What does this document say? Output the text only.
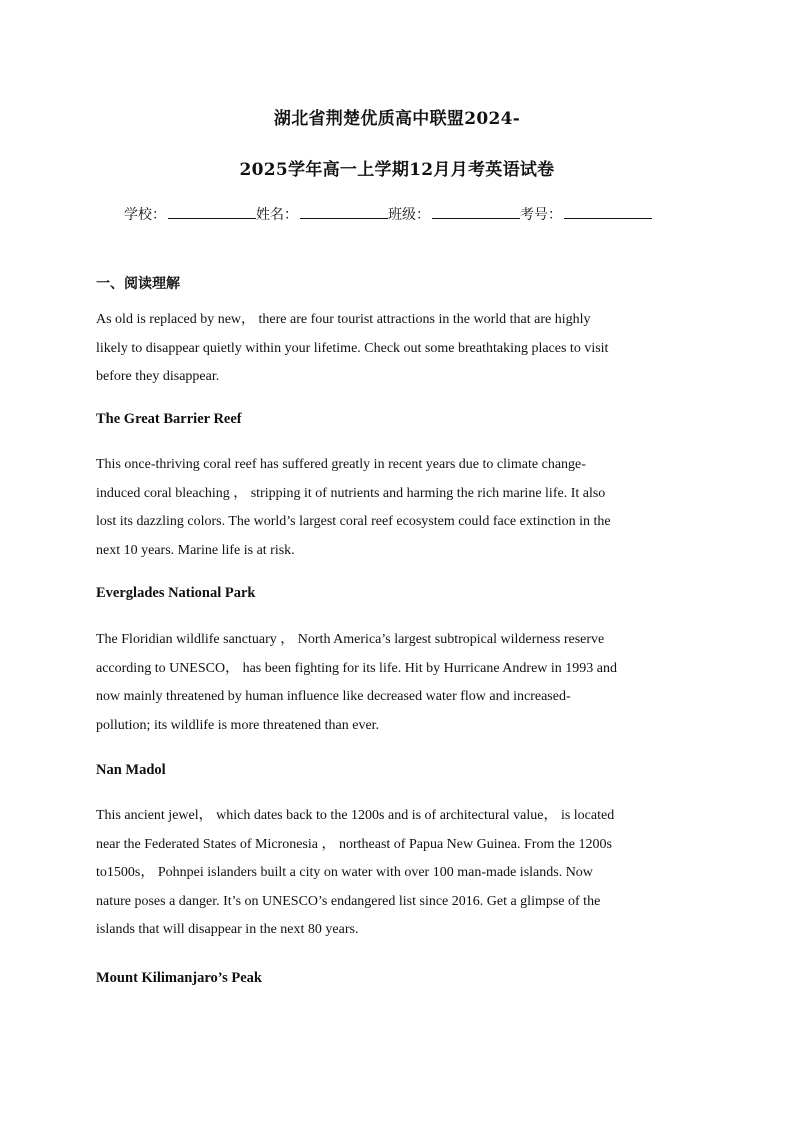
湖北省荆楚优质高中联盟2024-
2025学年高一上学期12月月考英语试卷
学校：	姓名：	班级：	考号：
一、阅读理解
As old is replaced by new， there are four tourist attractions in the world that are highly
likely to disappear quietly within your lifetime. Check out some breathtaking places to visit
before they disappear.
The Great Barrier Reef
This once-thriving coral reef has suffered greatly in recent years due to climate change-
induced coral bleaching ， stripping it of nutrients and harming the rich marine life. It also
lost its dazzling colors. The world’s largest coral reef ecosystem could face extinction in the
next 10 years. Marine life is at risk.
Everglades National Park
The Floridian wildlife sanctuary ， North America’s largest subtropical wilderness reserve
according to UNESCO， has been fighting for its life. Hit by Hurricane Andrew in 1993 and
now mainly threatened by human influence like decreased water flow and increased-
pollution; its wildlife is more threatened than ever.
Nan Madol
This ancient jewel， which dates back to the 1200s and is of architectural value， is located
near the Federated States of Micronesia ， northeast of Papua New Guinea. From the 1200s
to1500s， Pohnpei islanders built a city on water with over 100 man-made islands. Now
nature poses a danger. It’s on UNESCO’s endangered list since 2016. Get a glimpse of the
islands that will disappear in the next 80 years.
Mount Kilimanjaro’s Peak
